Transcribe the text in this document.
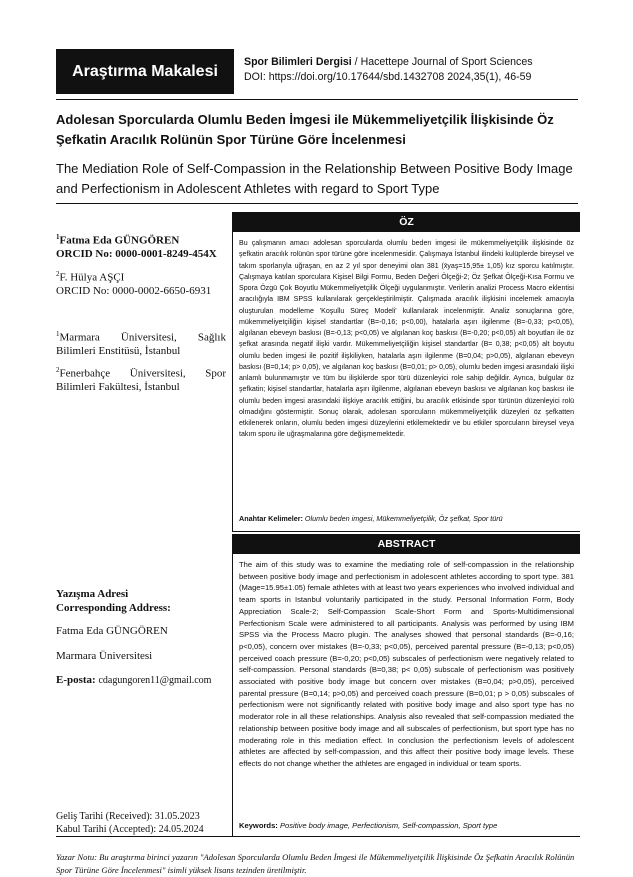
Araştırma Makalesi
Spor Bilimleri Dergisi / Hacettepe Journal of Sport Sciences
DOI: https://doi.org/10.17644/sbd.1432708 2024,35(1), 46-59
Adolesan Sporcularda Olumlu Beden İmgesi ile Mükemmeliyetçilik İlişkisinde Öz Şefkatin Aracılık Rolünün Spor Türüne Göre İncelenmesi
The Mediation Role of Self-Compassion in the Relationship Between Positive Body Image and Perfectionism in Adolescent Athletes with regard to Sport Type
$^1$Fatma Eda GÜNGÖREN
ORCID No: 0000-0001-8249-454X
$^2$F. Hülya AŞÇI
ORCID No: 0000-0002-6650-6931
$^1$Marmara Üniversitesi, Sağlık Bilimleri Enstitüsü, İstanbul
$^2$Fenerbahçe Üniversitesi, Spor Bilimleri Fakültesi, İstanbul
Yazışma Adresi
Corresponding Address:
Fatma Eda GÜNGÖREN
Marmara Üniversitesi
E-posta: cdagungoren11@gmail.com
Geliş Tarihi (Received): 31.05.2023
Kabul Tarihi (Accepted): 24.05.2024
ÖZ
Bu çalışmanın amacı adolesan sporcularda olumlu beden imgesi ile mükemmeliyetçilik ilişkisinde öz şefkatin aracılık rolünün spor türüne göre incelenmesidir. Çalışmaya İstanbul ilindeki kulüplerde bireysel ve takım sporlarıyla uğraşan, en az 2 yıl spor deneyimi olan 381 (x̄yaş=15,95± 1,05) kız sporcu katılmıştır. Çalışmaya katılan sporculara Kişisel Bilgi Formu, Beden Değeri Ölçeği-2; Öz Şefkat Ölçeği-Kısa Formu ve Spora Özgü Çok Boyutlu Mükemmeliyetçilik Ölçeği uygulanmıştır. Verilerin analizi Process Macro eklentisi aracılığıyla IBM SPSS kullanılarak gerçekleştirilmiştir. Çalışmada aracılık ilişkisini incelemek amacıyla oluşturulan modelleme 'Koşullu Süreç Modeli' kullanılarak incelenmiştir. Analiz sonuçlarına göre, mükemmeliyetçiliğin kişisel standartlar (B=-0,16; p<0,00), hatalarla aşırı ilgilenme (B=-0,33; p<0,05), algılanan ebeveyn baskısı (B=-0,13; p<0,05) ve algılanan koç baskısı (B=-0,20; p<0,05) alt boyutları ile öz şefkat arasında negatif ilişki vardır. Mükemmeliyetçiliğin kişisel standartlar (B= 0,38; p<0,05) alt boyutu olumlu beden imgesi ile pozitif ilişkiliyken, hatalarla aşırı ilgilenme (B=0,04; p>0,05), algılanan ebeveyn baskısı (B=0,14; p> 0,05), ve algılanan koç baskısı (B=0,01; p> 0,05), olumlu beden imgesi arasındaki ilişki anlamlı bulunmamıştır ve tüm bu ilişkilerde spor türü düzenleyici role sahip değildir. Ayrıca, bulgular öz şefkatin; kişisel standartlar, hatalarla aşırı ilgilenme, algılanan ebeveyn baskısı ve algılanan koç baskısı ile olumlu beden imgesi arasındaki ilişkiye aracılık ettiğini, bu aracılık etkisinde spor türünün düzenleyici rolü olmadığını göstermiştir. Sonuç olarak, adolesan sporcuların mükemmeliyetçilik düzeyleri öz şefkatten etkilenerek onların, olumlu beden imgesi düzeylerini etkilemektedir ve bu etkiler sporcuların bireysel veya takım sporu ile uğraşmalarına göre değişmemektedir.
Anahtar Kelimeler: Olumlu beden imgesi, Mükemmeliyetçilik, Öz şefkat, Spor türü
ABSTRACT
The aim of this study was to examine the mediating role of self-compassion in the relationship between positive body image and perfectionism in adolescent athletes according to sport type. 381 (Mage=15.95±1.05) female athletes with at least two years experiences who involved individual and team sports in Istanbul voluntarily participated in the study. Personal Information Form, Body Appreciation Scale-2; Self-Compassion Scale-Short Form and Sports-Multidimensional Perfectionism Scale were administered to all participants. Analysis was performed by using IBM SPSS via the Process Macro plugin. The analyses showed that personal standards (B=-0,16; p<0,05), concern over mistakes (B=-0,33; p<0,05), perceived parental pressure (B=-0,13; p<0,05) perceived coach pressure (B=-0,20; p<0,05) subscales of perfectionism were negatively related to self-compassion. Personal standards (B=0,38; p< 0,05) subscale of perfectionism was positively associated with positive body image but concern over mistakes (B=0,04; p>0,05), perceived parental pressure (B=0,14; p>0,05) and perceived coach pressure (B=0,01; p > 0,05) subscales of perfectionism were not significantly related with positive body image and also sport type has no moderator role in all these relationships. Analysis also revealed that self-compassion mediated the relationship between positive body image and all subscales of perfectionism, but sport type has no moderating role in this mediation effect. In conclusion the perfectionism levels of adolescent athletes are affected by self-compassion, and this affect their positive body image levels. These effects do not change whether the athletes are engaged in individual or team sports.
Keywords: Positive body image, Perfectionism, Self-compassion, Sport type
Yazar Notu: Bu araştırma birinci yazarın "Adolesan Sporcularda Olumlu Beden İmgesi ile Mükemmeliyetçilik İlişkisinde Öz Şefkatin Aracılık Rolünün Spor Türüne Göre İncelenmesi" isimli yüksek lisans tezinden üretilmiştir.
